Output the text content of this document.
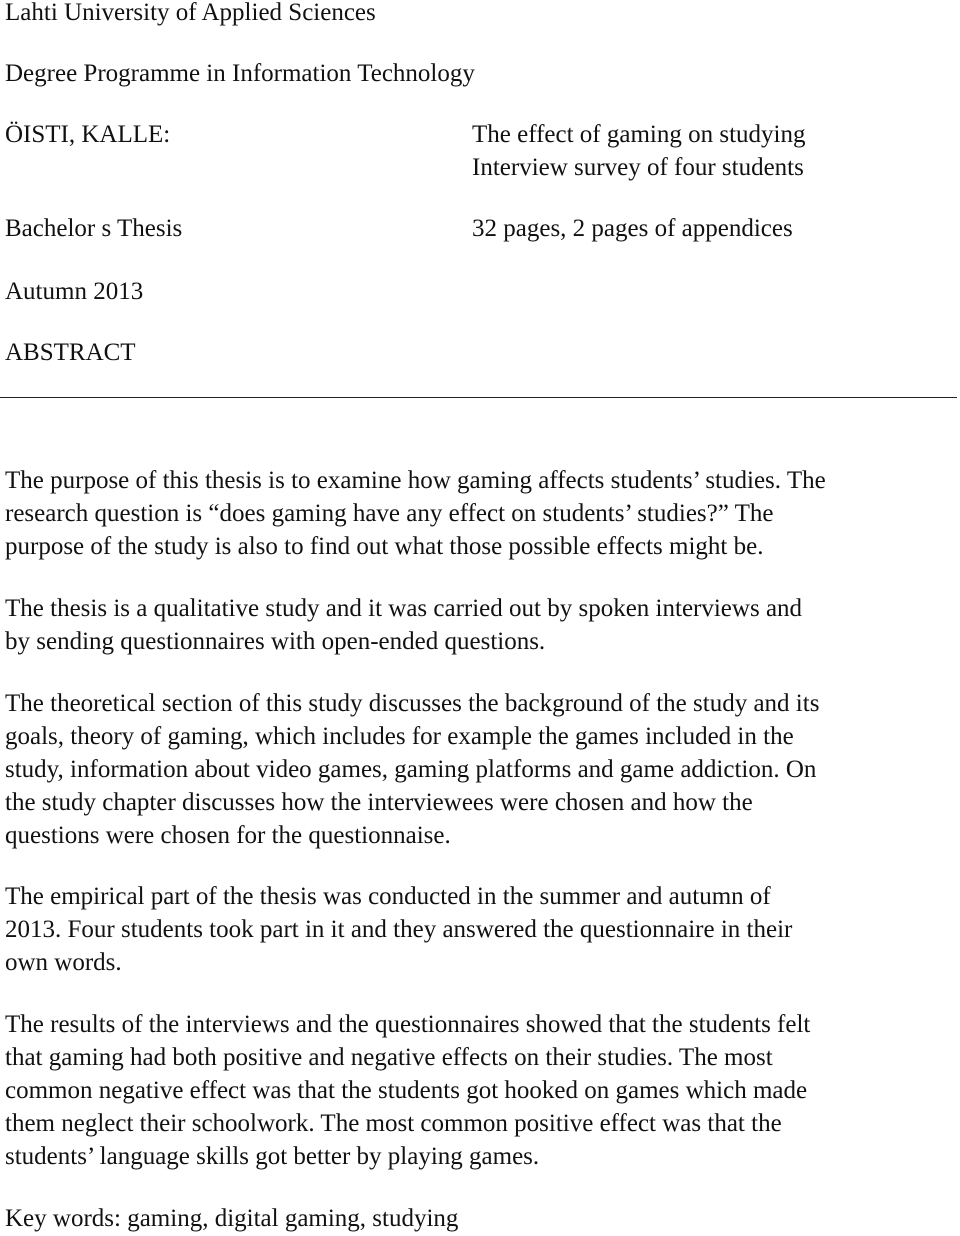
Lahti University of Applied Sciences
Degree Programme in Information Technology
ÖISTI, KALLE:	The effect of gaming on studying
Interview survey of four students
Bachelor s Thesis	32 pages, 2 pages of appendices
Autumn 2013
ABSTRACT
The purpose of this thesis is to examine how gaming affects students’ studies. The
research question is “does gaming have any effect on students’ studies?” The
purpose of the study is also to find out what those possible effects might be.
The thesis is a qualitative study and it was carried out by spoken interviews and
by sending questionnaires with open-ended questions.
The theoretical section of this study discusses the background of the study and its
goals, theory of gaming, which includes for example the games included in the
study, information about video games, gaming platforms and game addiction. On
the study chapter discusses how the interviewees were chosen and how the
questions were chosen for the questionnaise.
The empirical part of the thesis was conducted in the summer and autumn of
2013. Four students took part in it and they answered the questionnaire in their
own words.
The results of the interviews and the questionnaires showed that the students felt
that gaming had both positive and negative effects on their studies. The most
common negative effect was that the students got hooked on games which made
them neglect their schoolwork. The most common positive effect was that the
students’ language skills got better by playing games.
Key words: gaming, digital gaming, studying
